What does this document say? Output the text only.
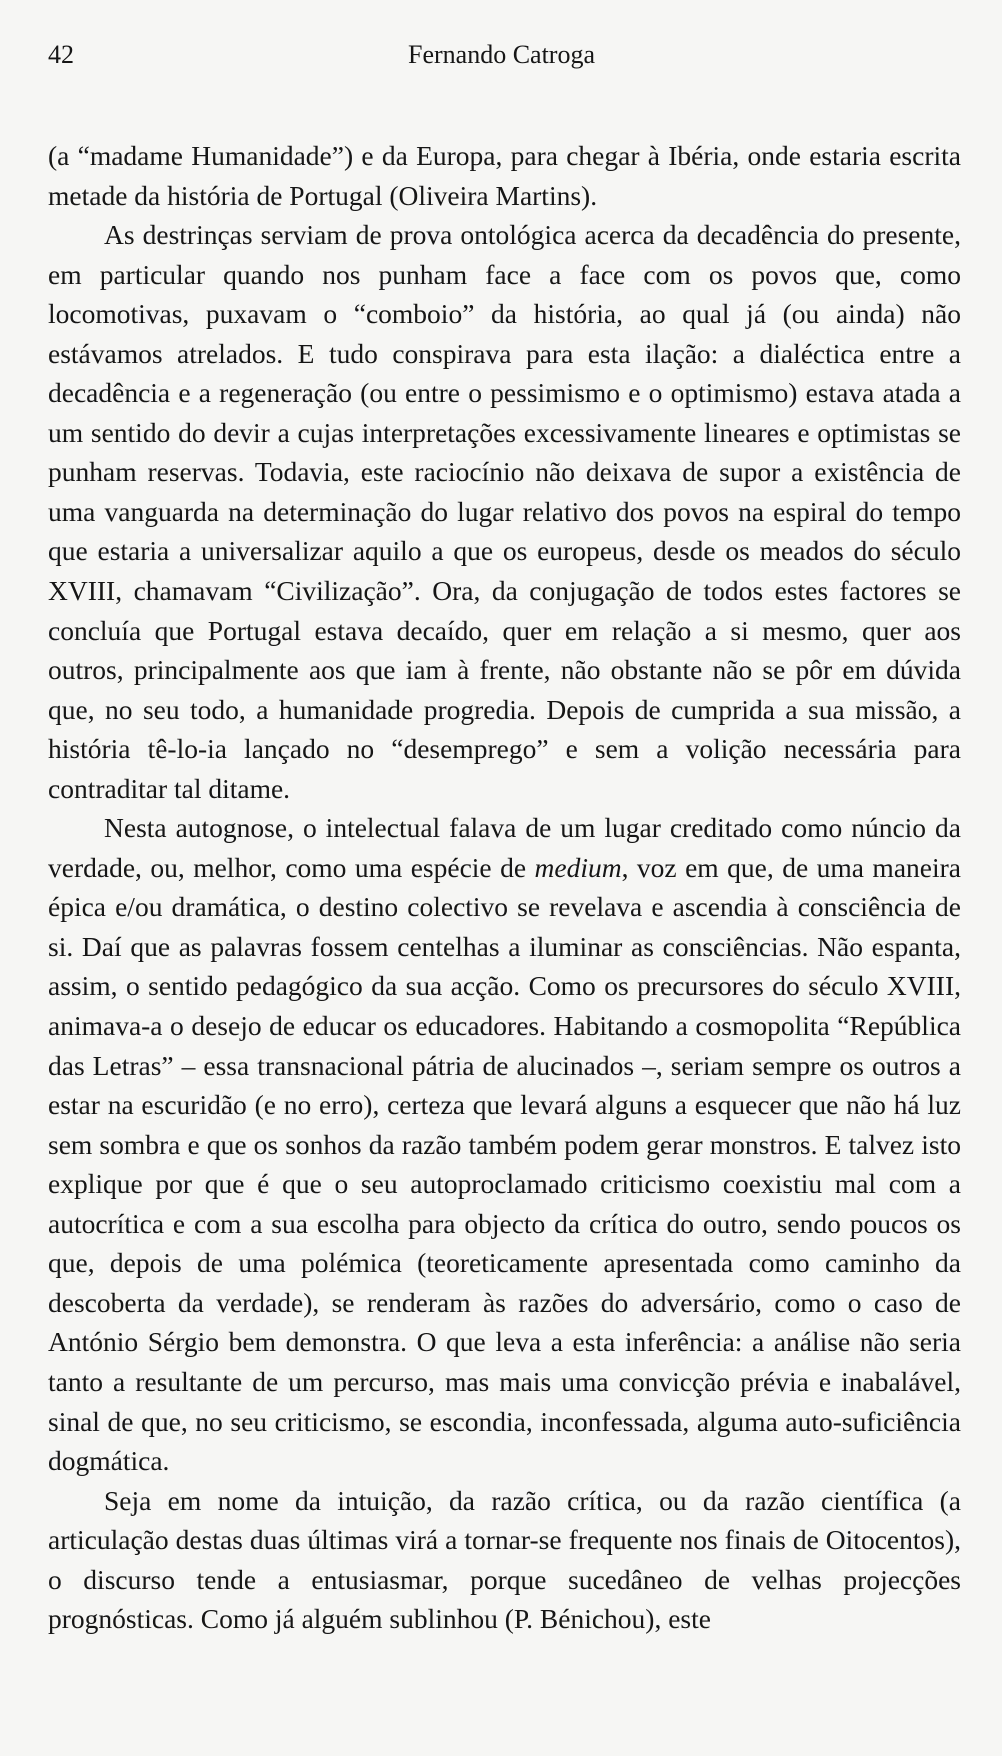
42	Fernando Catroga

(a “madame Humanidade”) e da Europa, para chegar à Ibéria, onde estaria escrita metade da história de Portugal (Oliveira Martins).

As destrinças serviam de prova ontológica acerca da decadência do presente, em particular quando nos punham face a face com os povos que, como locomotivas, puxavam o “comboio” da história, ao qual já (ou ainda) não estávamos atrelados. E tudo conspirava para esta ilação: a dialéctica entre a decadência e a regeneração (ou entre o pessimismo e o optimismo) estava atada a um sentido do devir a cujas interpretações excessivamente lineares e optimistas se punham reservas. Todavia, este raciocínio não deixava de supor a existência de uma vanguarda na determinação do lugar relativo dos povos na espiral do tempo que estaria a universalizar aquilo a que os europeus, desde os meados do século XVIII, chamavam “Civilização”. Ora, da conjugação de todos estes factores se concluía que Portugal estava decaído, quer em relação a si mesmo, quer aos outros, principalmente aos que iam à frente, não obstante não se pôr em dúvida que, no seu todo, a humanidade progredia. Depois de cumprida a sua missão, a história tê-lo-ia lançado no “desemprego” e sem a volição necessária para contraditar tal ditame.

Nesta autognose, o intelectual falava de um lugar creditado como núncio da verdade, ou, melhor, como uma espécie de medium, voz em que, de uma maneira épica e/ou dramática, o destino colectivo se revelava e ascendia à consciência de si. Daí que as palavras fossem centelhas a iluminar as consciências. Não espanta, assim, o sentido pedagógico da sua acção. Como os precursores do século XVIII, animava-a o desejo de educar os educadores. Habitando a cosmopolita “República das Letras” – essa transnacional pátria de alucinados –, seriam sempre os outros a estar na escuridão (e no erro), certeza que levará alguns a esquecer que não há luz sem sombra e que os sonhos da razão também podem gerar monstros. E talvez isto explique por que é que o seu autoproclamado criticismo coexistiu mal com a autocrítica e com a sua escolha para objecto da crítica do outro, sendo poucos os que, depois de uma polémica (teoreticamente apresentada como caminho da descoberta da verdade), se renderam às razões do adversário, como o caso de António Sérgio bem demonstra. O que leva a esta inferência: a análise não seria tanto a resultante de um percurso, mas mais uma convicção prévia e inabalável, sinal de que, no seu criticismo, se escondia, inconfessada, alguma auto-suficiência dogmática.

Seja em nome da intuição, da razão crítica, ou da razão científica (a articulação destas duas últimas virá a tornar-se frequente nos finais de Oitocentos), o discurso tende a entusiasmar, porque sucedâneo de velhas projecções prognósticas. Como já alguém sublinhou (P. Bénichou), este
